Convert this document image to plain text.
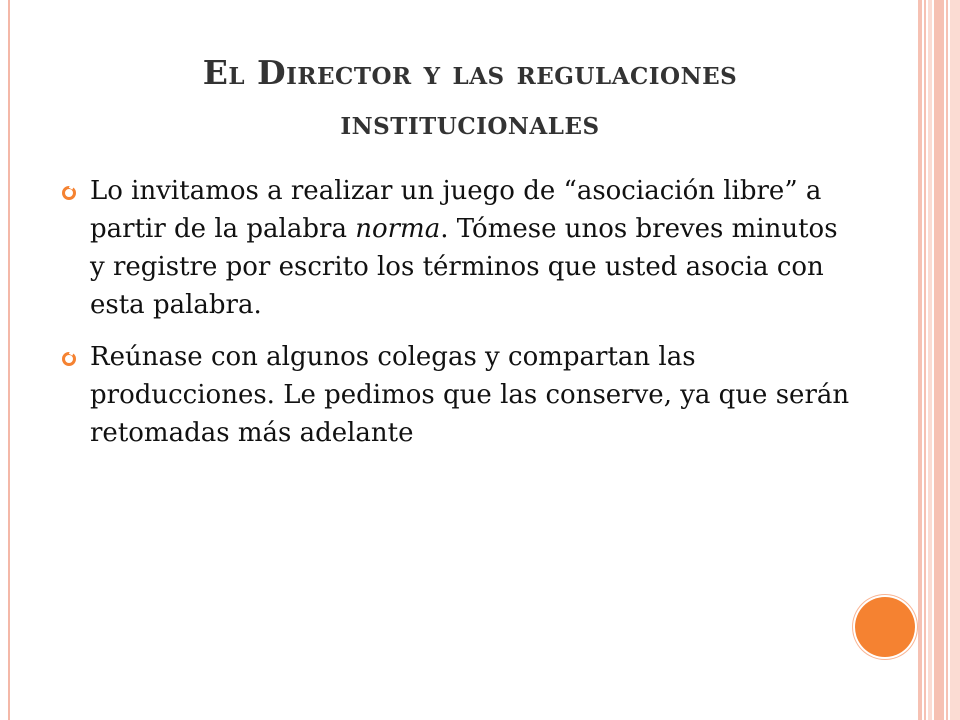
El Director y las regulaciones
institucionales
Lo invitamos a realizar un juego de “asociación libre” a partir de la palabra norma. Tómese unos breves minutos y registre por escrito los términos que usted asocia con esta palabra.
Reúnase con algunos colegas y compartan las producciones. Le pedimos que las conserve, ya que serán retomadas más adelante
